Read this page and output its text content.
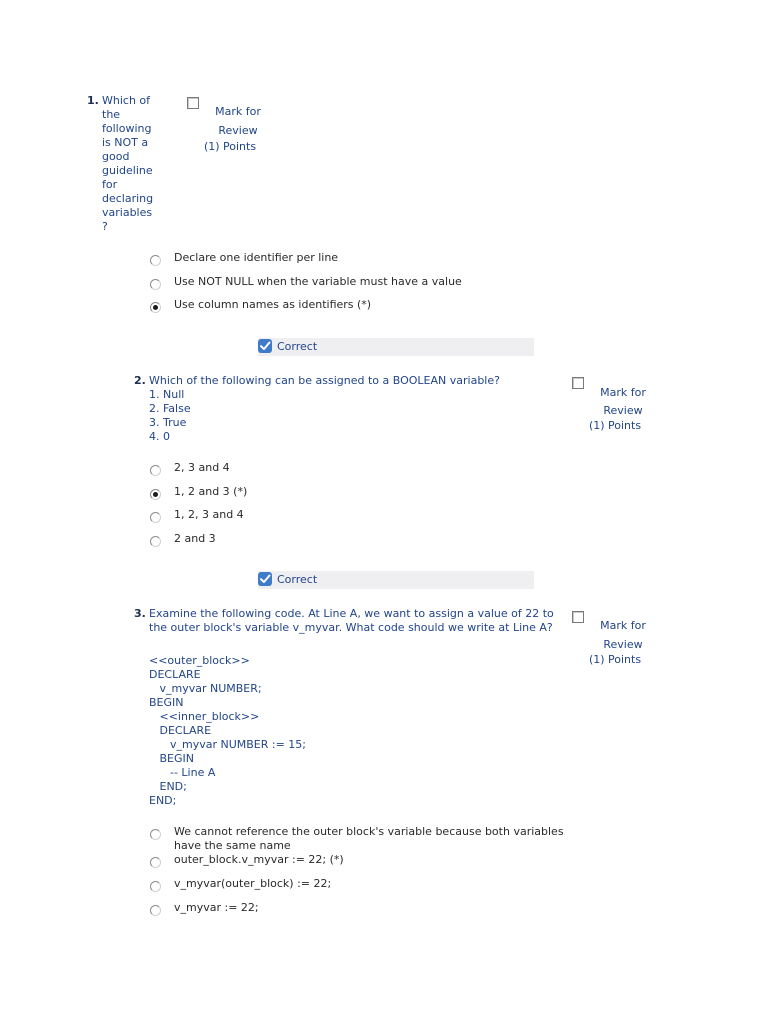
1. Which of
the
following
is NOT a
good
guideline
for
declaring
variables
?
Mark for
Review
(1) Points
Declare one identifier per line
Use NOT NULL when the variable must have a value
Use column names as identifiers (*)
Correct
2. Which of the following can be assigned to a BOOLEAN variable?
1. Null
2. False
3. True
4. 0
Mark for
Review
(1) Points
2, 3 and 4
1, 2 and 3 (*)
1, 2, 3 and 4
2 and 3
Correct
3. Examine the following code. At Line A, we want to assign a value of 22 to
the outer block's variable v_myvar. What code should we write at Line A?	Mark for
Review
(1) Points
<<outer_block>>
DECLARE
v_myvar NUMBER;
BEGIN
<<inner_block>>
DECLARE
v_myvar NUMBER := 15;
BEGIN
-- Line A
END;
END;
We cannot reference the outer block's variable because both variables
have the same name
outer_block.v_myvar := 22; (*)
v_myvar(outer_block) := 22;
v_myvar := 22;
